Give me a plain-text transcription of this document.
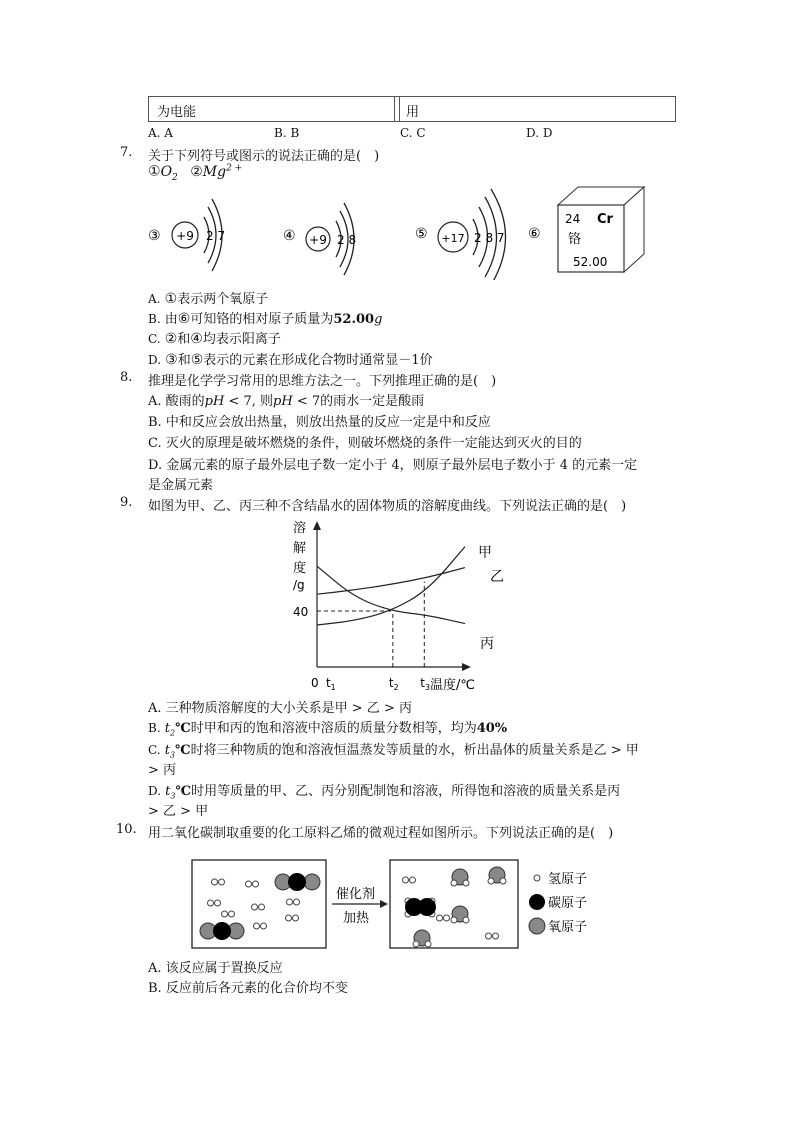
为电能	用
A. A	B. B	C. C	D. D
7. 关于下列符号或图示的说法正确的是(　)
$①O_2$ $②Mg^{2 +}$
③ +9 2 7	④ +9 2 8	⑤ +17 2 8 7 ⑥
24 Cr
铬
52.00
A. ①表示两个氧原子
B. 由⑥可知铬的相对原子质量为52.00g
C. ②和④均表示阳离子
D. ③和⑤表示的元素在形成化合物时通常显－1价
8. 推理是化学学习常用的思维方法之一。下列推理正确的是(　)
A. 酸雨的pH < 7, 则pH < 7的雨水一定是酸雨
B. 中和反应会放出热量，则放出热量的反应一定是中和反应
C. 灭火的原理是破坏燃烧的条件，则破坏燃烧的条件一定能达到灭火的目的
D. 金属元素的原子最外层电子数一定小于 4，则原子最外层电子数小于 4 的元素一定
是金属元素
9. 如图为甲、乙、丙三种不含结晶水的固体物质的溶解度曲线。下列说法正确的是(　)
溶
解
度
/g
甲
乙
丙
40
0 $t_1$	$t_2$ $t_3$ 温度/℃
A. 三种物质溶解度的大小关系是甲 > 乙 > 丙
B. $t_2℃$时甲和丙的饱和溶液中溶质的质量分数相等，均为40%
C. $t_3℃$时将三种物质的饱和溶液恒温蒸发等质量的水，析出晶体的质量关系是乙 > 甲
> 丙
D. $t_3℃$时用等质量的甲、乙、丙分别配制饱和溶液，所得饱和溶液的质量关系是丙
> 乙 > 甲
10. 用二氧化碳制取重要的化工原料乙烯的微观过程如图所示。下列说法正确的是(　)
催化剂
加热
氢原子
碳原子
氧原子
A. 该反应属于置换反应
B. 反应前后各元素的化合价均不变
